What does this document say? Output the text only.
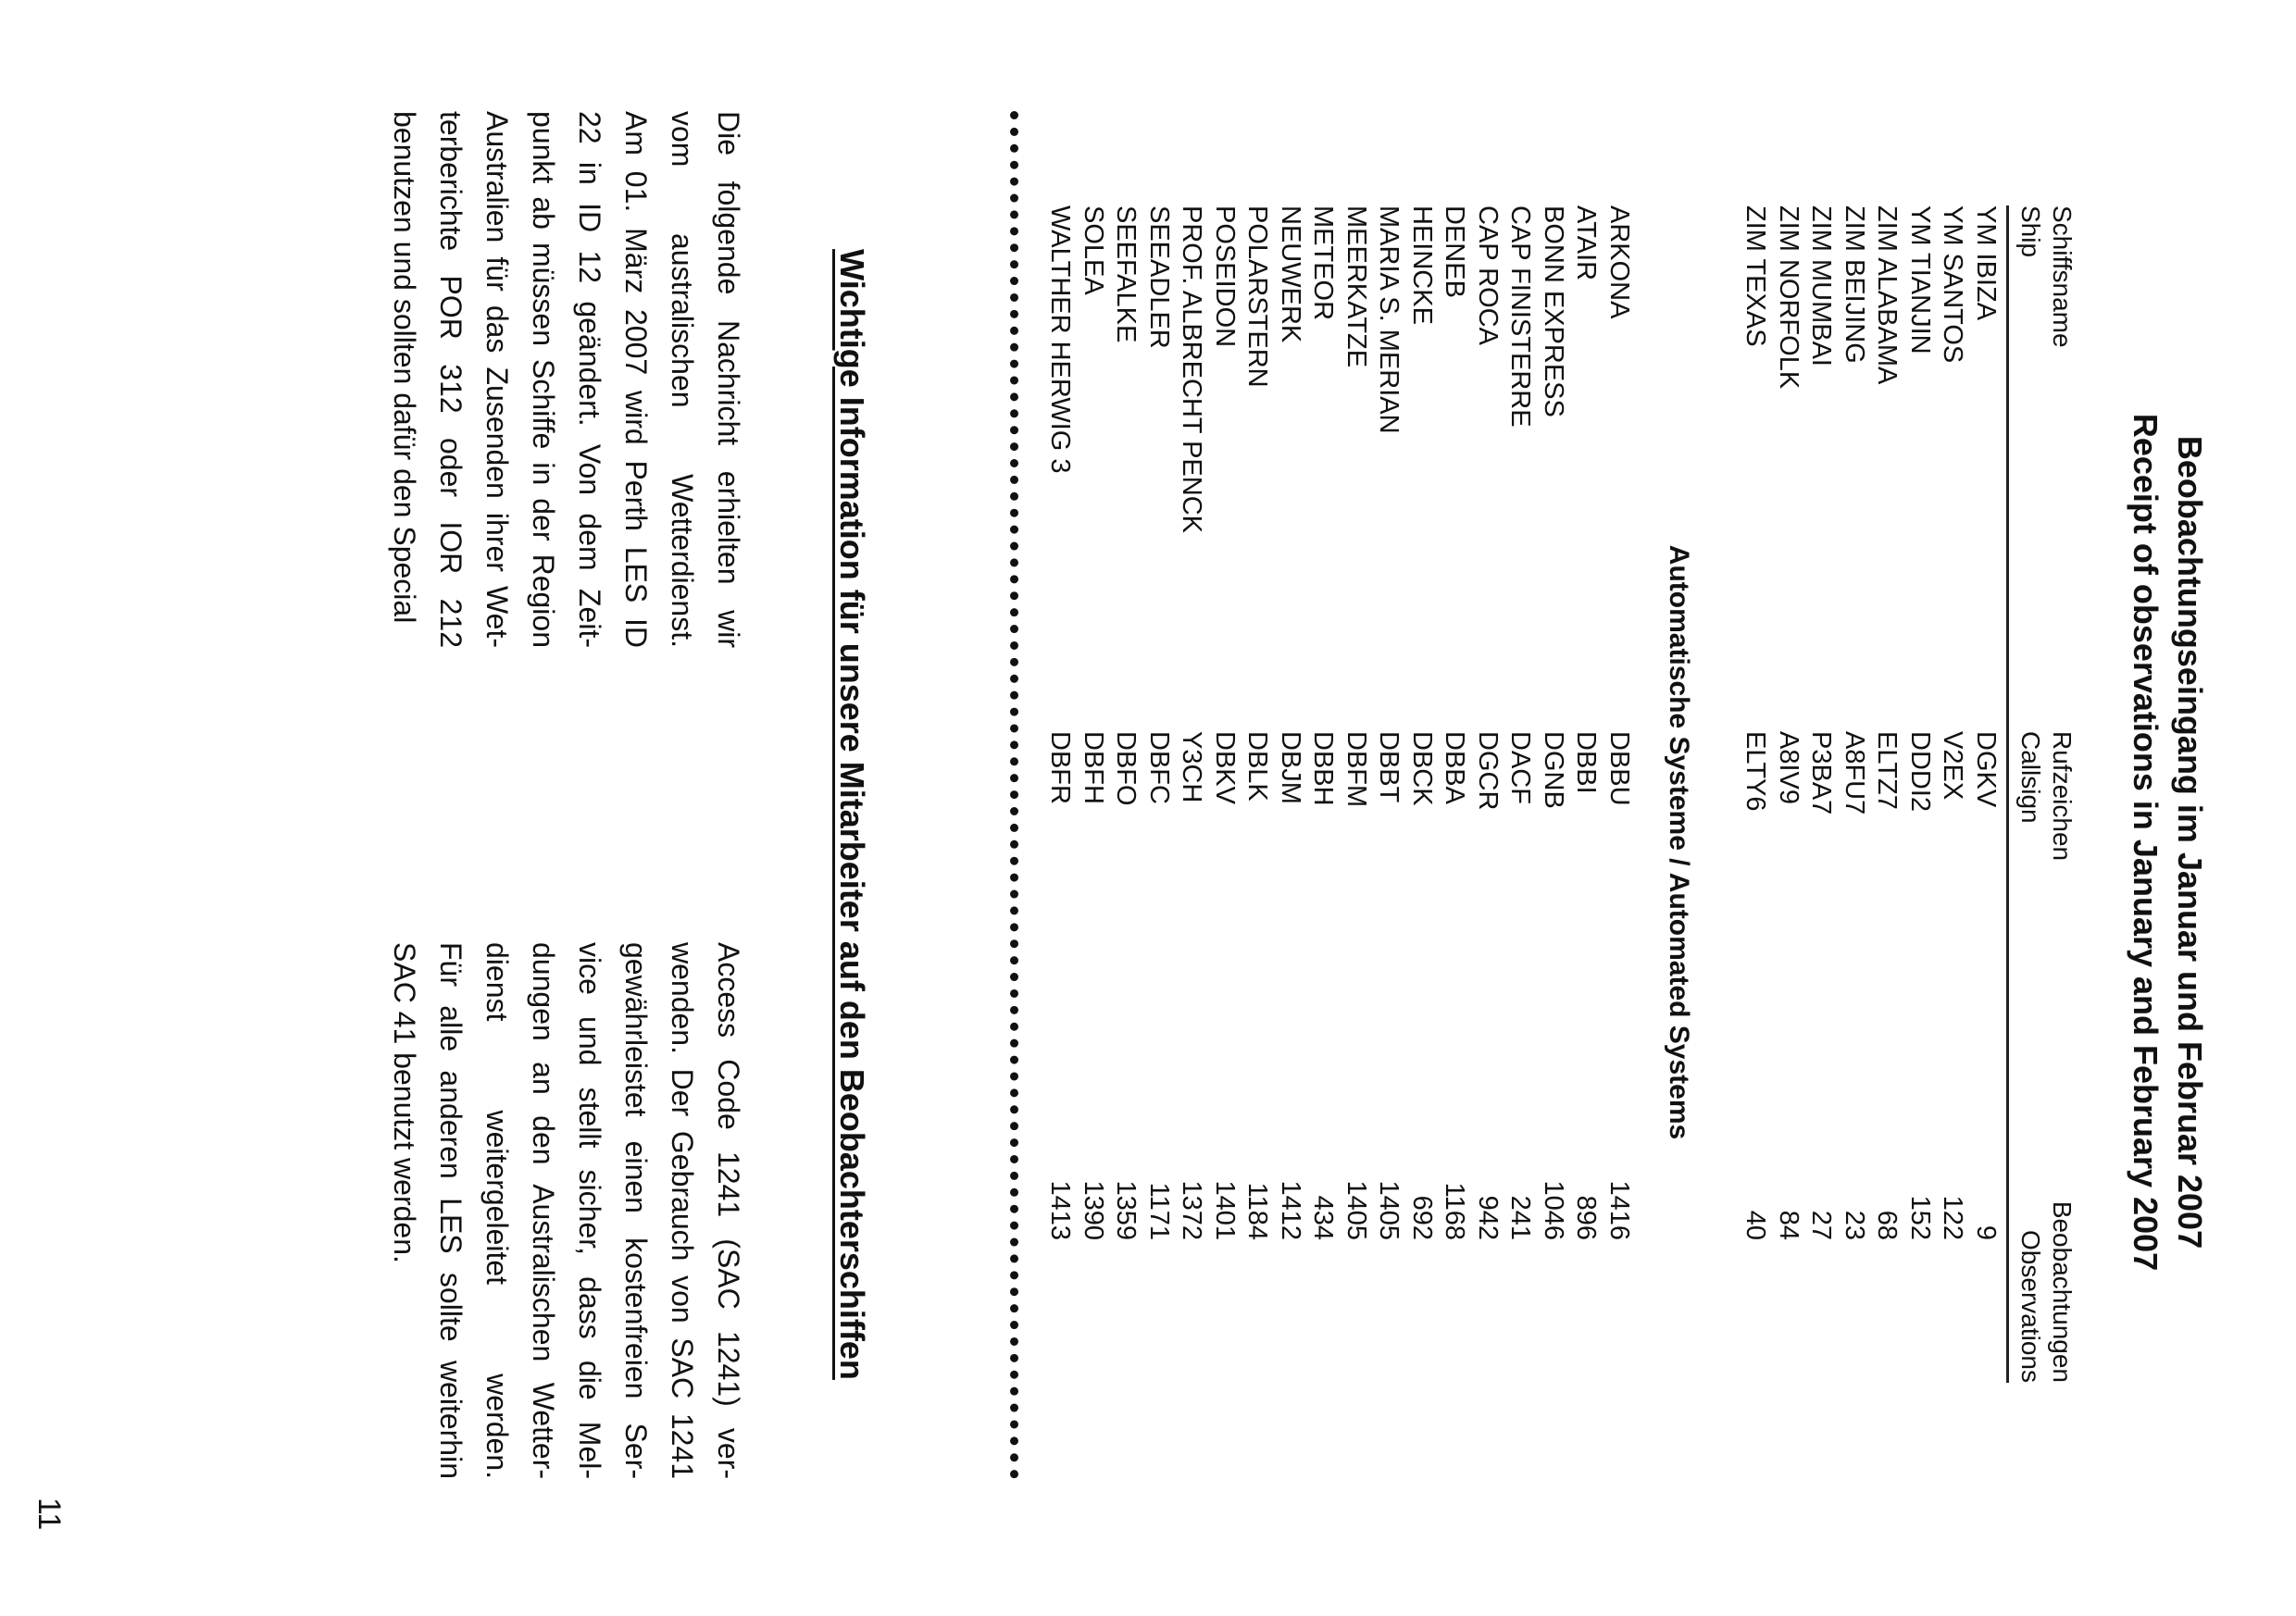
Beobachtungseingang im Januar und Februar 2007
Receipt of observations in January and February 2007
Schiffsname
Ship
Rufzeichen
Callsign
Beobachtungen
Observations
YM IBIZA
YM SANTOS
YM TIANJIN
ZIM ALABAMA
ZIM BEIJING
ZIM MUMBAI
ZIM NORFOLK
ZIM TEXAS
DGKV
V2EX
DDDI2
ELTZ7
A8FU7
P3BA7
A8IV9
ELTY6
9
122
152
68
23
27
84
40
Automatische Systeme / Automated Systems
ARKONA
ATAIR
BONN EXPRESS
CAP FINISTERRE
CAP ROCA
DENEB
HEINCKE
MARIA S. MERIAN
MEERKATZE
METEOR
NEUWERK
POLARSTERN
POSEIDON
PROF. ALBRECHT PENCK
SEEADLER
SEEFALKE
SOLEA
WALTHER HERWIG 3
DBBU
DBBI
DGNB
DACF
DGCR
DBBA
DBCK
DBBT
DBFM
DBBH
DBJM
DBLK
DBKV
Y3CH
DBFC
DBFO
DBFH
DBFR
1416
896
1046
241
942
1168
692
1405
1405
434
1412
1184
1401
1372
1171
1359
1390
1413
Wichtige Information für unsere Mitarbeiter auf den Beobachterschiffen
Die folgende Nachricht erhielten wir
vom australischen Wetterdienst.
Am 01. März 2007 wird Perth LES ID
22 in ID 12 geändert. Von dem Zeit-
punkt ab müssen Schiffe in der Region
Australien für das Zusenden ihrer Wet-
terberichte POR 312 oder IOR 212
benutzen und sollten dafür den Special
Access Code 1241 (SAC 1241) ver-
wenden. Der Gebrauch von SAC 1241
gewährleistet einen kostenfreien Ser-
vice und stellt sicher, dass die Mel-
dungen an den Australischen Wetter-
dienst weitergeleitet werden.
Für alle anderen LES sollte weiterhin
SAC 41 benutzt werden.
11
